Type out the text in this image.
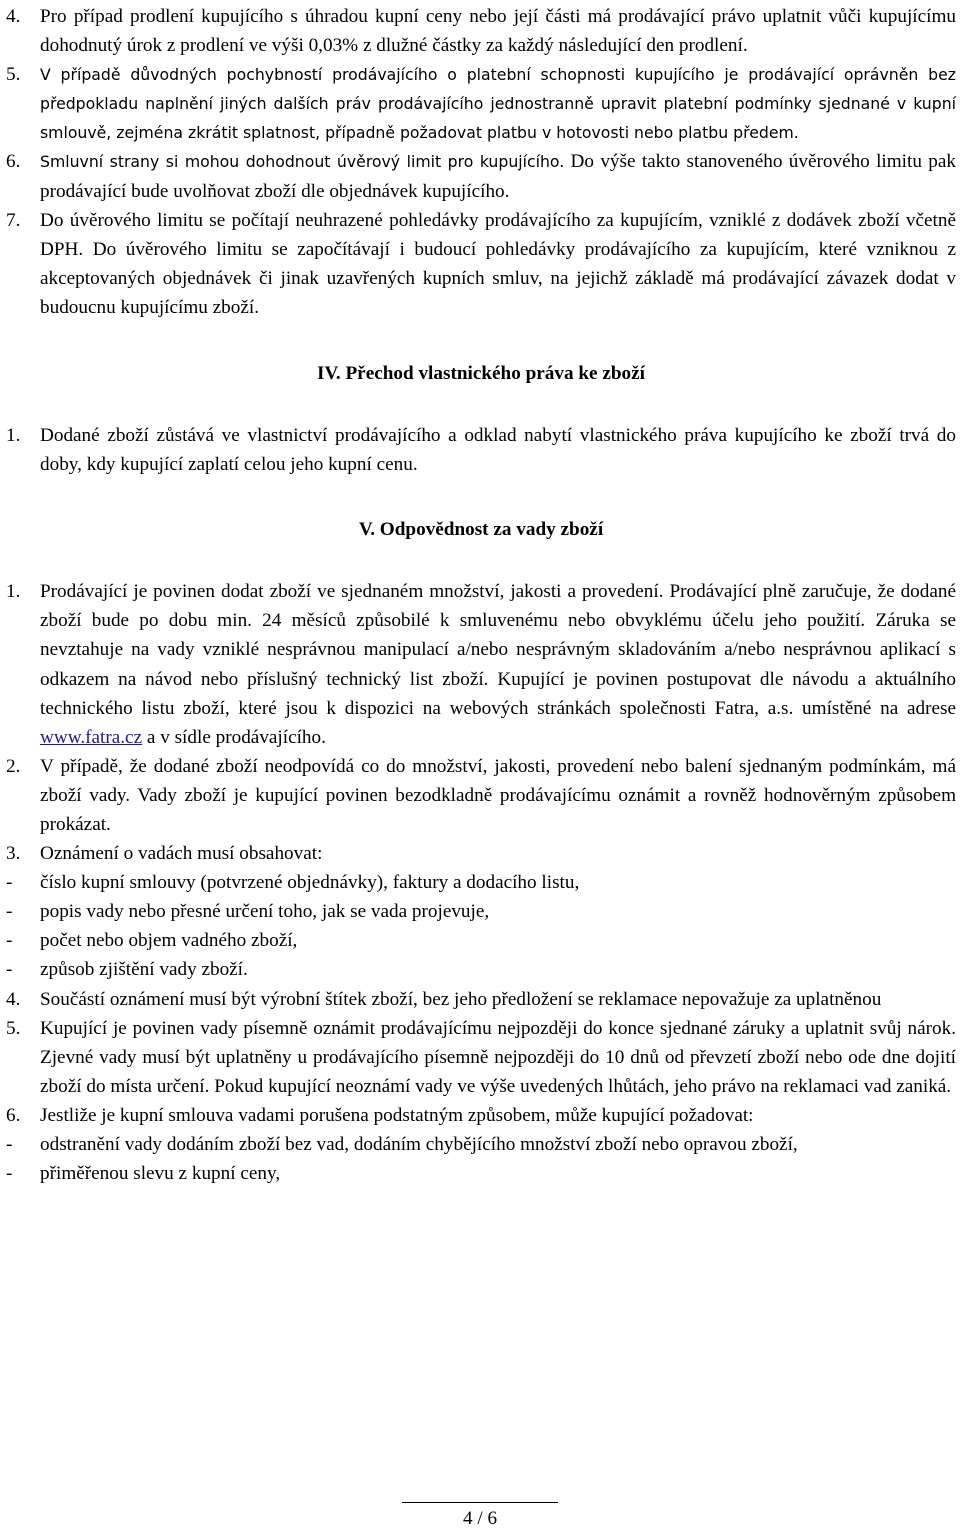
4.	Pro případ prodlení kupujícího s úhradou kupní ceny nebo její části má prodávající právo uplatnit vůči kupujícímu dohodnutý úrok z prodlení ve výši 0,03% z dlužné částky za každý následující den prodlení.

5.	V případě důvodných pochybností prodávajícího o platební schopnosti kupujícího je prodávající oprávněn bez předpokladu naplnění jiných dalších práv prodávajícího jednostranně upravit platební podmínky sjednané v kupní smlouvě, zejména zkrátit splatnost, případně požadovat platbu v hotovosti nebo platbu předem.

6.	Smluvní strany si mohou dohodnout úvěrový limit pro kupujícího. Do výše takto stanoveného úvěrového limitu pak prodávající bude uvolňovat zboží dle objednávek kupujícího.

7.	Do úvěrového limitu se počítají neuhrazené pohledávky prodávajícího za kupujícím, vzniklé z dodávek zboží včetně DPH. Do úvěrového limitu se započítávají i budoucí pohledávky prodávajícího za kupujícím, které vzniknou z akceptovaných objednávek či jinak uzavřených kupních smluv, na jejichž základě má prodávající závazek dodat v budoucnu kupujícímu zboží.

IV. Přechod vlastnického práva ke zboží
1.	Dodané zboží zůstává ve vlastnictví prodávajícího a odklad nabytí vlastnického práva kupujícího ke zboží trvá do doby, kdy kupující zaplatí celou jeho kupní cenu.

V. Odpovědnost za vady zboží
1.	Prodávající je povinen dodat zboží ve sjednaném množství, jakosti a provedení. Prodávající plně zaručuje, že dodané zboží bude po dobu min. 24 měsíců způsobilé k smluvenému nebo obvyklému účelu jeho použití. Záruka se nevztahuje na vady vzniklé nesprávnou manipulací a/nebo nesprávným skladováním a/nebo nesprávnou aplikací s odkazem na návod nebo příslušný technický list zboží. Kupující je povinen postupovat dle návodu a aktuálního technického listu zboží, které jsou k dispozici na webových stránkách společnosti Fatra, a.s. umístěné na adrese www.fatra.cz a v sídle prodávajícího.

2.	V případě, že dodané zboží neodpovídá co do množství, jakosti, provedení nebo balení sjednaným podmínkám, má zboží vady. Vady zboží je kupující povinen bezodkladně prodávajícímu oznámit a rovněž hodnověrným způsobem prokázat.

3.	Oznámení o vadách musí obsahovat:

-	číslo kupní smlouvy (potvrzené objednávky), faktury a dodacího listu,

-	popis vady nebo přesné určení toho, jak se vada projevuje,

-	počet nebo objem vadného zboží,

-	způsob zjištění vady zboží.

4.	Součástí oznámení musí být výrobní štítek zboží, bez jeho předložení se reklamace nepovažuje za uplatněnou

5.	Kupující je povinen vady písemně oznámit prodávajícímu nejpozději do konce sjednané záruky a uplatnit svůj nárok. Zjevné vady musí být uplatněny u prodávajícího písemně nejpozději do 10 dnů od převzetí zboží nebo ode dne dojití zboží do místa určení. Pokud kupující neoznámí vady ve výše uvedených lhůtách, jeho právo na reklamaci vad zaniká.

6.	Jestliže je kupní smlouva vadami porušena podstatným způsobem, může kupující požadovat:

-	odstranění vady dodáním zboží bez vad, dodáním chybějícího množství zboží nebo opravou zboží,

-	přiměřenou slevu z kupní ceny,

4 / 6
